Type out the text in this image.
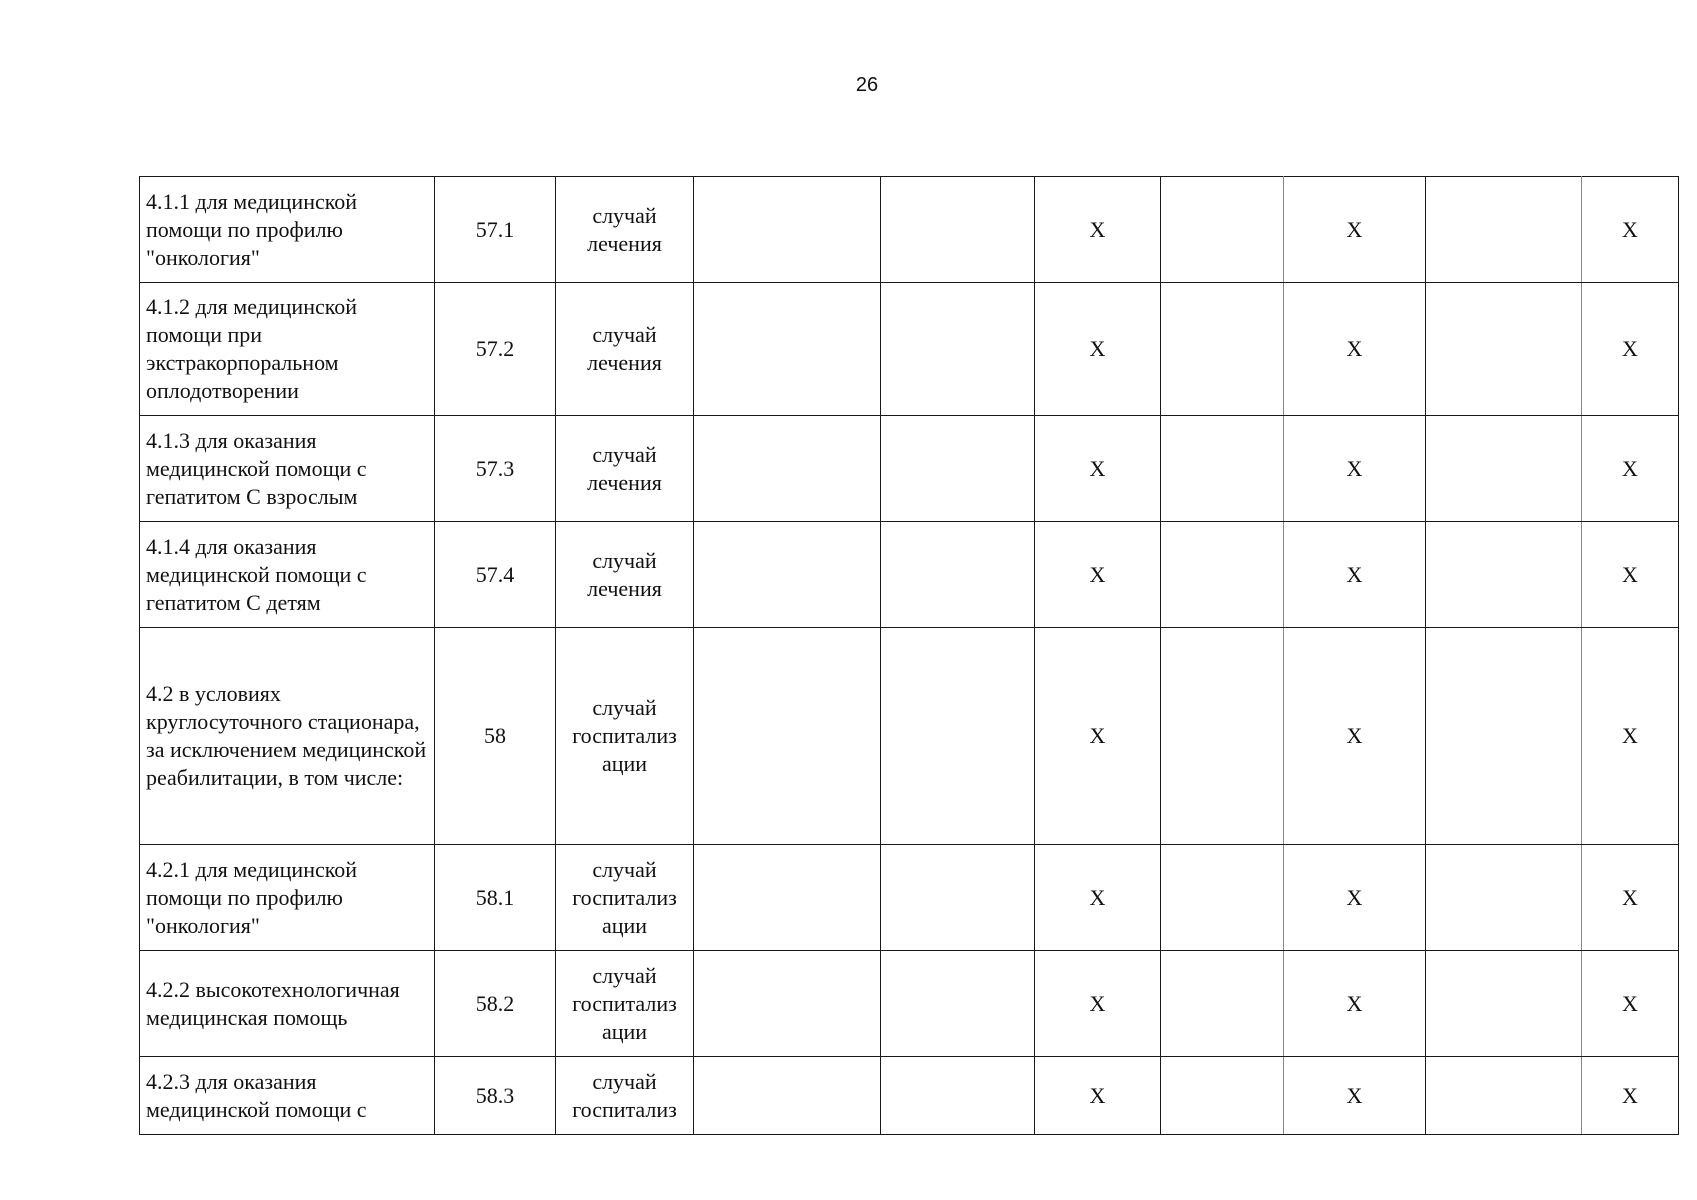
26
4.1.1 для медицинской помощи по профилю "онкология"	57.1	случай лечения			Х		Х		Х
4.1.2 для медицинской помощи при экстракорпоральном оплодотворении	57.2	случай лечения			Х		Х		Х
4.1.3 для оказания медицинской помощи с гепатитом С взрослым	57.3	случай лечения			Х		Х		Х
4.1.4 для оказания медицинской помощи с гепатитом С детям	57.4	случай лечения			Х		Х		Х
4.2 в условиях круглосуточного стационара, за исключением медицинской реабилитации, в том числе:	58	случай госпитализ ации			Х		Х		Х
4.2.1 для медицинской помощи по профилю "онкология"	58.1	случай госпитализ ации			Х		Х		Х
4.2.2 высокотехнологичная медицинская помощь	58.2	случай госпитализ ации			Х		Х		Х
4.2.3 для оказания медицинской помощи с	58.3	случай госпитализ			Х		Х		Х
